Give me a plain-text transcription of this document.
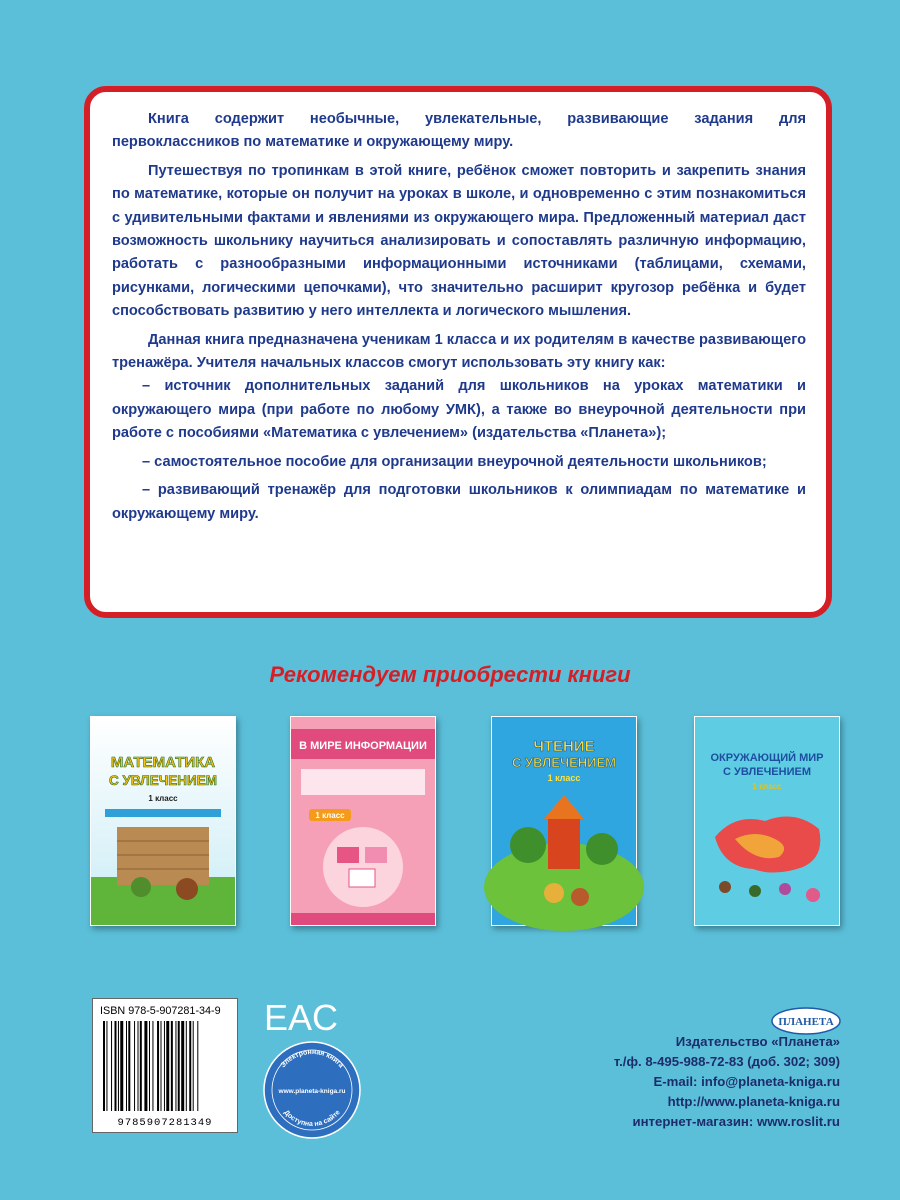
Книга содержит необычные, увлекательные, развивающие задания для первоклассников по математике и окружающему миру.

Путешествуя по тропинкам в этой книге, ребёнок сможет повторить и закрепить знания по математике, которые он получит на уроках в школе, и одновременно с этим познакомиться с удивительными фактами и явлениями из окружающего мира. Предложенный материал даст возможность школьнику научиться анализировать и сопоставлять различную информацию, работать с разнообразными информационными источниками (таблицами, схемами, рисунками, логическими цепочками), что значительно расширит кругозор ребёнка и будет способствовать развитию у него интеллекта и логического мышления.

Данная книга предназначена ученикам 1 класса и их родителям в качестве развивающего тренажёра. Учителя начальных классов смогут использовать эту книгу как:

– источник дополнительных заданий для школьников на уроках математики и окружающего мира (при работе по любому УМК), а также во внеурочной деятельности при работе с пособиями «Математика с увлечением» (издательства «Планета»);

– самостоятельное пособие для организации внеурочной деятельности школьников;

– развивающий тренажёр для подготовки школьников к олимпиадам по математике и окружающему миру.

Рекомендуем приобрести книги
МАТЕМАТИКА
С УВЛЕЧЕНИЕМ
1 класс
В МИРЕ ИНФОРМАЦИИ
1 класс
ЧТЕНИЕ
С УВЛЕЧЕНИЕМ
1 класс
ОКРУЖАЮЩИЙ МИР
С УВЛЕЧЕНИЕМ
1 класс
ISBN 978-5-907281-34-9
9785907281349
EAC
Электронная книга
www.planeta-kniga.ru
Доступна на сайте
ПЛАНЕТА
Издательство «Планета»
т./ф. 8-495-988-72-83 (доб. 302; 309)
E-mail: info@planeta-kniga.ru
http://www.planeta-kniga.ru
интернет-магазин: www.roslit.ru
